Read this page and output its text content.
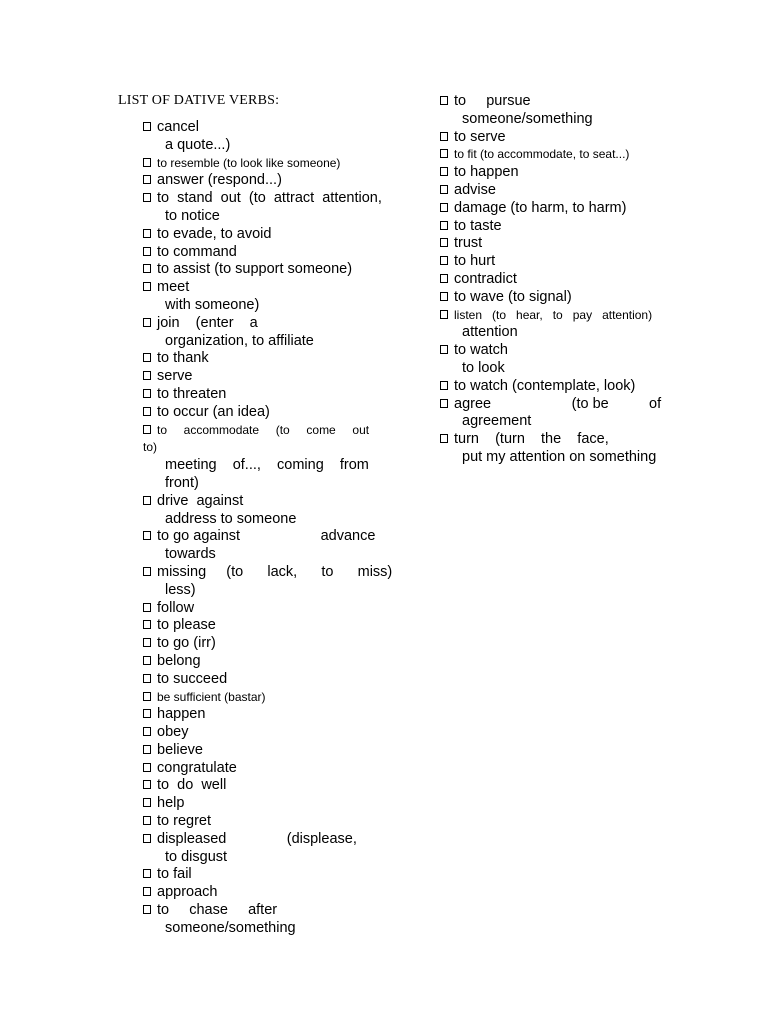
LIST OF DATIVE VERBS:
cancel
a quote...)
to resemble (to look like someone)
answer (respond...)
to  stand  out  (to  attract  attention,
to notice
to evade, to avoid
to command
to assist (to support someone)
meet
with someone)
join    (enter    a
organization, to affiliate
to thank
serve
to threaten
to occur (an idea)
to     accommodate     (to     come     out     to)
meeting    of...,    coming    from
front)
drive  against
address to someone
to go against                    advance
towards
missing     (to      lack,      to      miss)
less)
follow
to please
to go (irr)
belong
to succeed
be sufficient (bastar)
happen
obey
believe
congratulate
to  do  well
help
to regret
displeased               (displease,
to disgust
to fail
approach
to     chase     after
someone/something
to     pursue
someone/something
to serve
to fit (to accommodate, to seat...)
to happen
advise
damage (to harm, to harm)
to taste
trust
to hurt
contradict
to wave (to signal)
listen   (to   hear,   to   pay   attention)
attention
to watch
to look
to watch (contemplate, look)
agree                    (to be          of
agreement
turn    (turn    the    face,
put my attention on something
